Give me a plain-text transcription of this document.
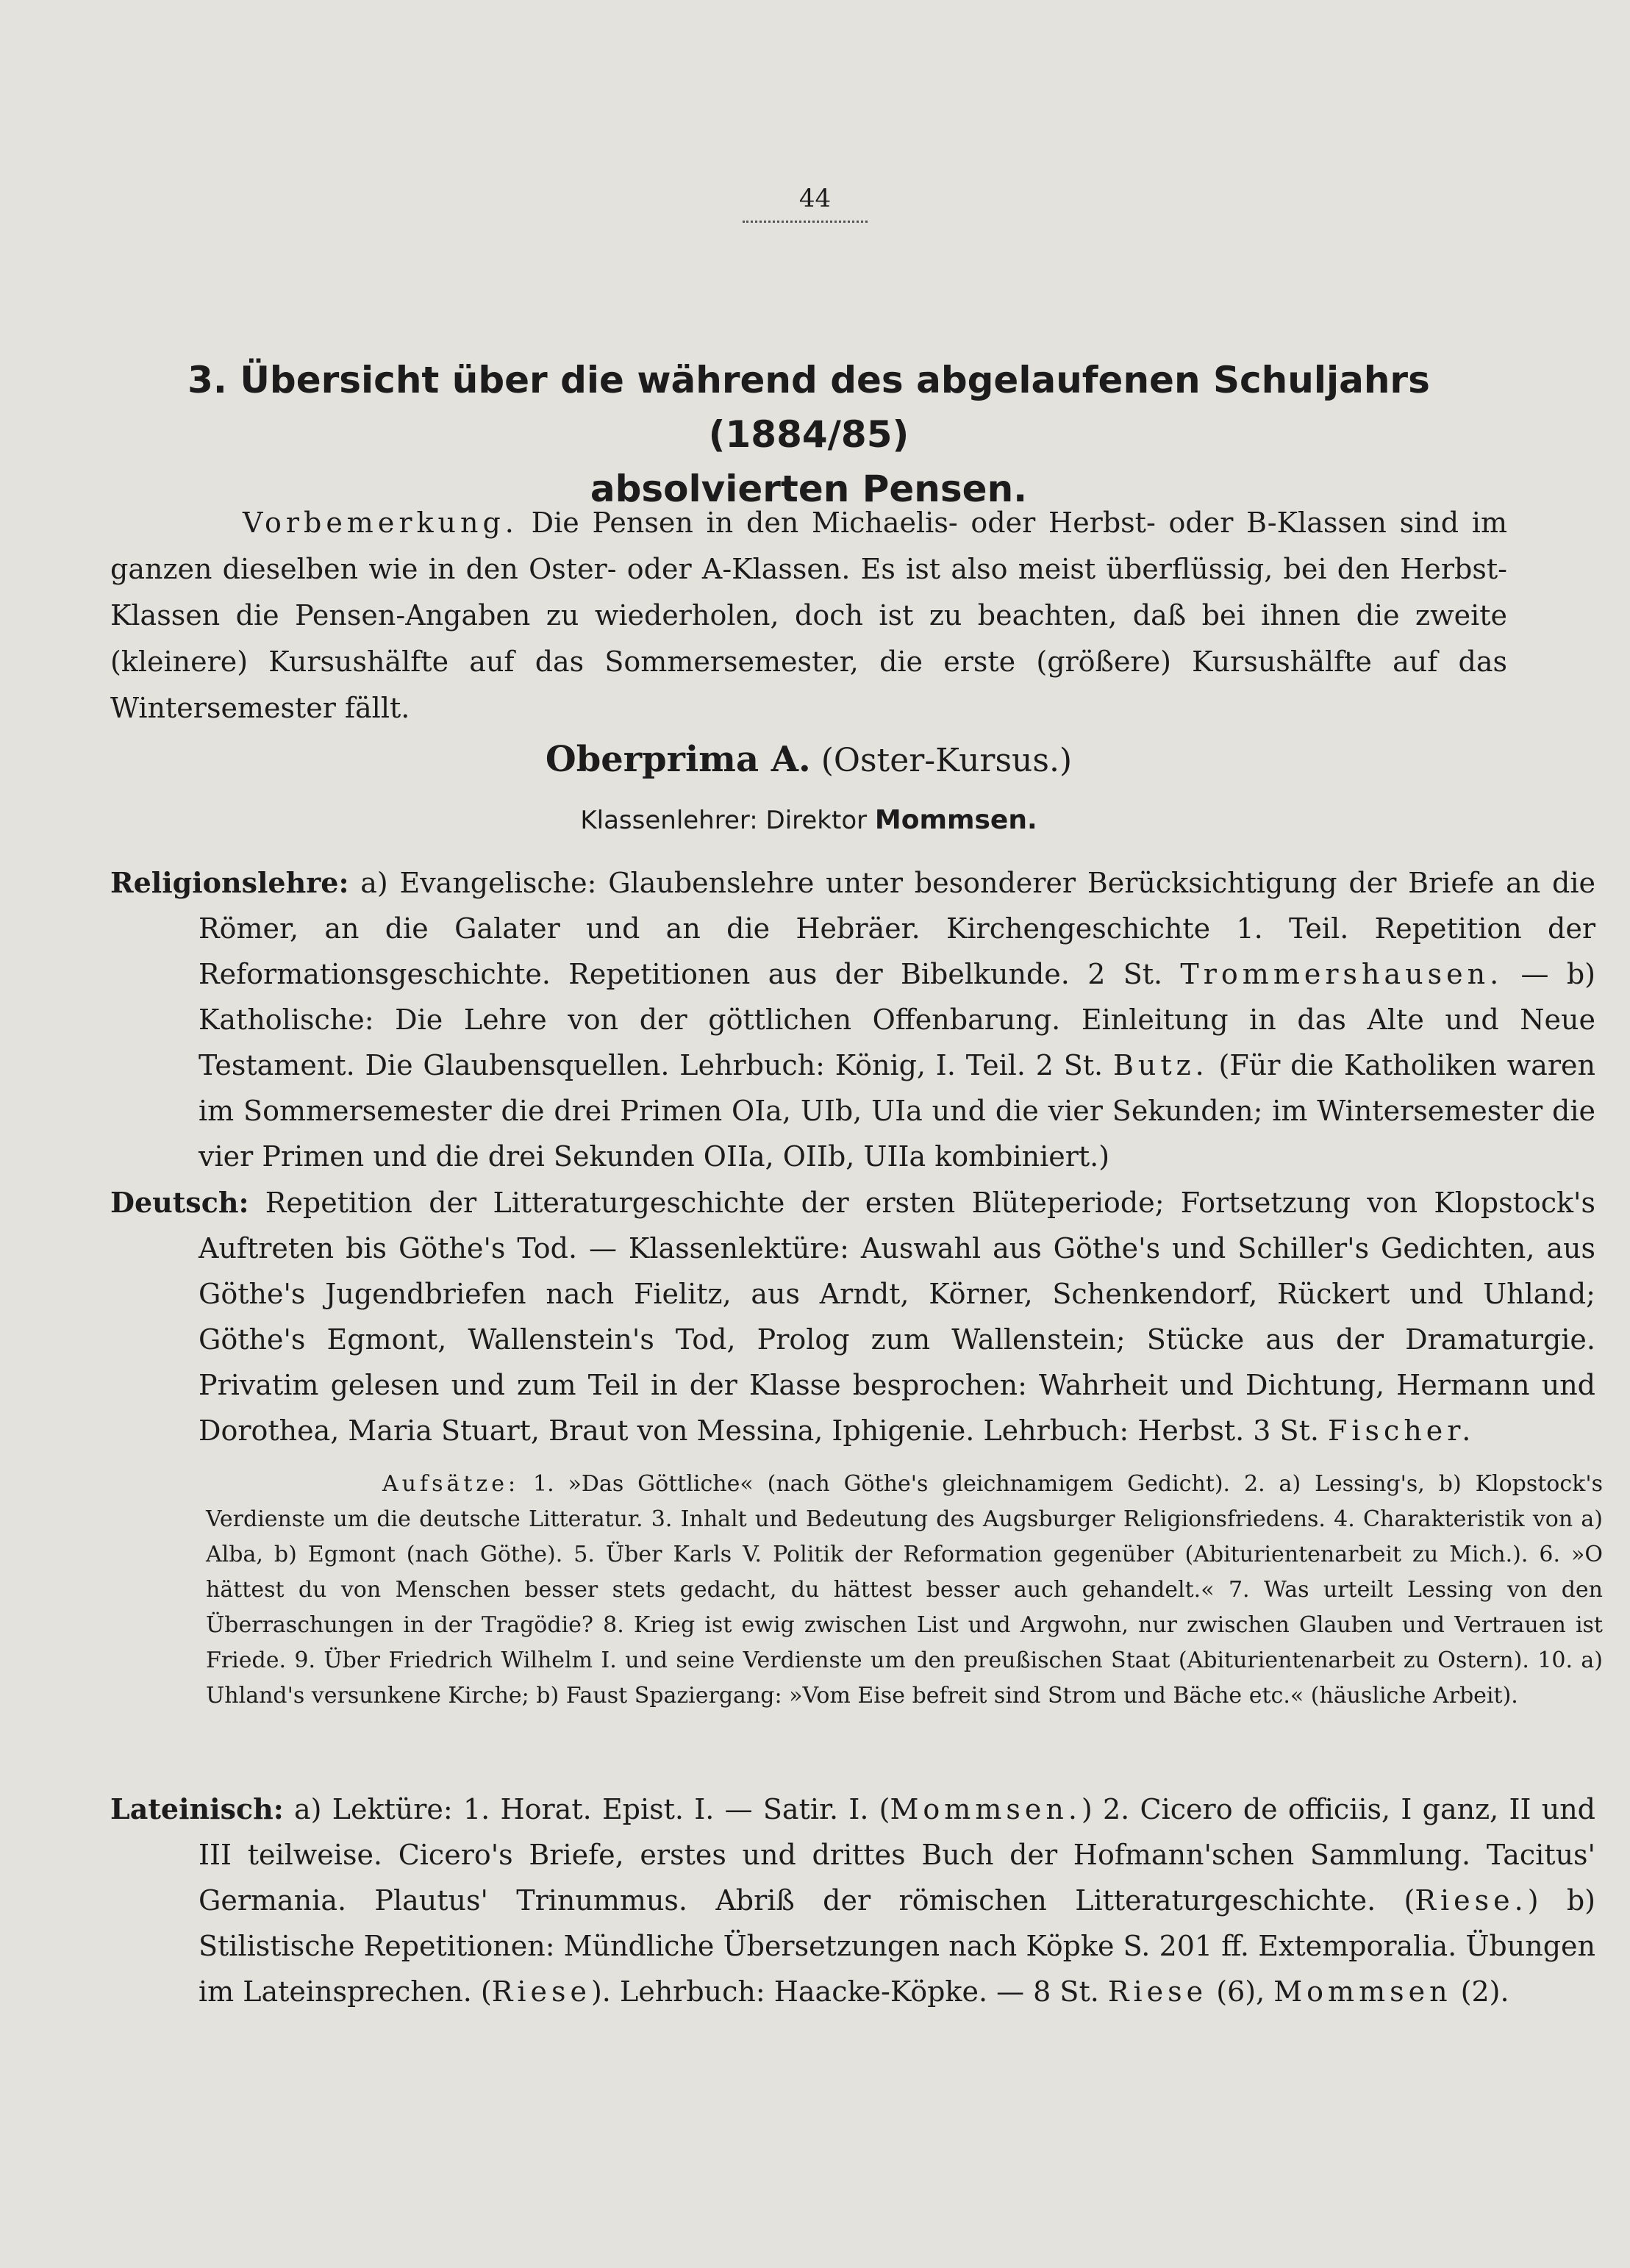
44
3. Übersicht über die während des abgelaufenen Schuljahrs (1884/85)
absolvierten Pensen.

Vorbemerkung. Die Pensen in den Michaelis- oder Herbst- oder B-Klassen sind im ganzen dieselben wie in den Oster- oder A-Klassen. Es ist also meist überflüssig, bei den Herbst-Klassen die Pensen-Angaben zu wiederholen, doch ist zu beachten, daß bei ihnen die zweite (kleinere) Kursushälfte auf das Sommersemester, die erste (größere) Kursushälfte auf das Wintersemester fällt.

Oberprima A. (Oster-Kursus.)
Klassenlehrer: Direktor Mommsen.

Religionslehre: a) Evangelische: Glaubenslehre unter besonderer Berücksichtigung der Briefe an die Römer, an die Galater und an die Hebräer. Kirchengeschichte 1. Teil. Repetition der Reformationsgeschichte. Repetitionen aus der Bibelkunde. 2 St. Trommershausen. — b) Katholische: Die Lehre von der göttlichen Offenbarung. Einleitung in das Alte und Neue Testament. Die Glaubensquellen. Lehrbuch: König, I. Teil. 2 St. Butz. (Für die Katholiken waren im Sommersemester die drei Primen OIa, UIb, UIa und die vier Sekunden; im Wintersemester die vier Primen und die drei Sekunden OIIa, OIIb, UIIa kombiniert.)

Deutsch: Repetition der Litteraturgeschichte der ersten Blüteperiode; Fortsetzung von Klopstock's Auftreten bis Göthe's Tod. — Klassenlektüre: Auswahl aus Göthe's und Schiller's Gedichten, aus Göthe's Jugendbriefen nach Fielitz, aus Arndt, Körner, Schenkendorf, Rückert und Uhland; Göthe's Egmont, Wallenstein's Tod, Prolog zum Wallenstein; Stücke aus der Dramaturgie. Privatim gelesen und zum Teil in der Klasse besprochen: Wahrheit und Dichtung, Hermann und Dorothea, Maria Stuart, Braut von Messina, Iphigenie. Lehrbuch: Herbst. 3 St. Fischer.

Aufsätze: 1. »Das Göttliche« (nach Göthe's gleichnamigem Gedicht). 2. a) Lessing's, b) Klopstock's Verdienste um die deutsche Litteratur. 3. Inhalt und Bedeutung des Augsburger Religionsfriedens. 4. Charakteristik von a) Alba, b) Egmont (nach Göthe). 5. Über Karls V. Politik der Reformation gegenüber (Abiturientenarbeit zu Mich.). 6. »O hättest du von Menschen besser stets gedacht, du hättest besser auch gehandelt.« 7. Was urteilt Lessing von den Überraschungen in der Tragödie? 8. Krieg ist ewig zwischen List und Argwohn, nur zwischen Glauben und Vertrauen ist Friede. 9. Über Friedrich Wilhelm I. und seine Verdienste um den preußischen Staat (Abiturientenarbeit zu Ostern). 10. a) Uhland's versunkene Kirche; b) Faust Spaziergang: »Vom Eise befreit sind Strom und Bäche etc.« (häusliche Arbeit).

Lateinisch: a) Lektüre: 1. Horat. Epist. I. — Satir. I. (Mommsen.) 2. Cicero de officiis, I ganz, II und III teilweise. Cicero's Briefe, erstes und drittes Buch der Hofmann'schen Sammlung. Tacitus' Germania. Plautus' Trinummus. Abriß der römischen Litteraturgeschichte. (Riese.) b) Stilistische Repetitionen: Mündliche Übersetzungen nach Köpke S. 201 ff. Extemporalia. Übungen im Lateinsprechen. (Riese). Lehrbuch: Haacke-Köpke. — 8 St. Riese (6), Mommsen (2).
